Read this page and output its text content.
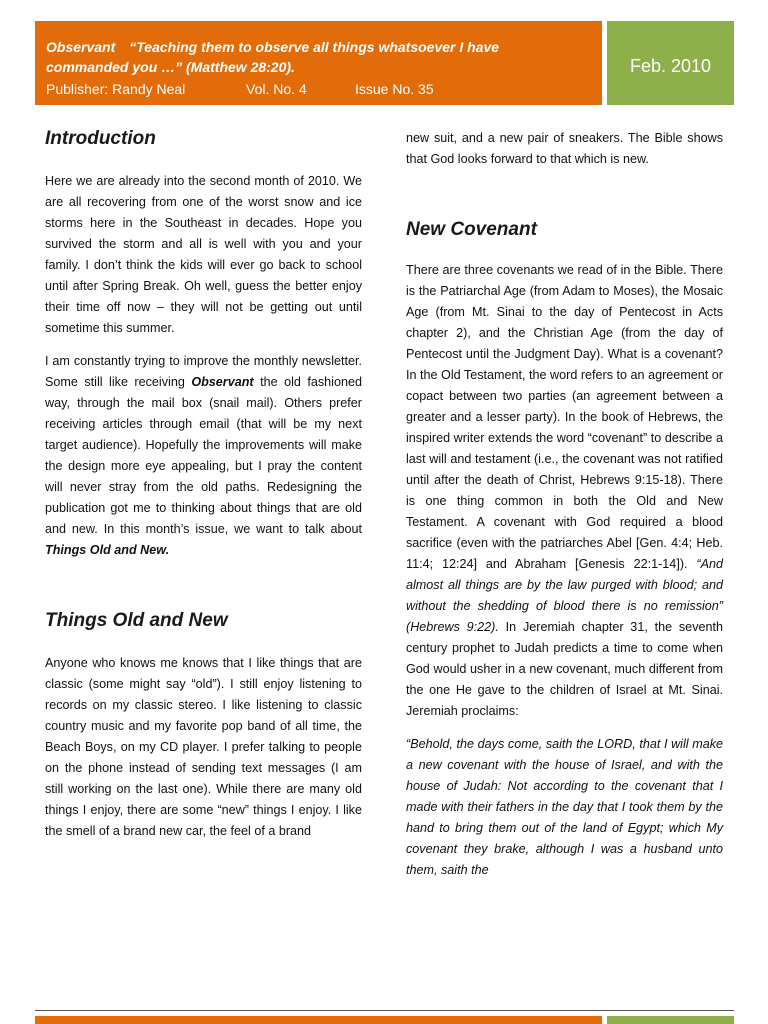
Observant “Teaching them to observe all things whatsoever I have
commanded you …” (Matthew 28:20).
Publisher: Randy Neal	Vol. No. 4	Issue No. 35
Feb. 2010
Introduction

Here we are already into the second month of 2010. We are all recovering from one of the worst snow and ice storms here in the Southeast in decades. Hope you survived the storm and all is well with you and your family. I don’t think the kids will ever go back to school until after Spring Break. Oh well, guess the better enjoy their time off now – they will not be getting out until sometime this summer.

I am constantly trying to improve the monthly newsletter. Some still like receiving Observant the old fashioned way, through the mail box (snail mail). Others prefer receiving articles through email (that will be my next target audience). Hopefully the improvements will make the design more eye appealing, but I pray the content will never stray from the old paths. Redesigning the publication got me to thinking about things that are old and new. In this month’s issue, we want to talk about Things Old and New.

Things Old and New

Anyone who knows me knows that I like things that are classic (some might say “old”). I still enjoy listening to records on my classic stereo. I like listening to classic country music and my favorite pop band of all time, the Beach Boys, on my CD player. I prefer talking to people on the phone instead of sending text messages (I am still working on the last one). While there are many old things I enjoy, there are some “new” things I enjoy. I like the smell of a brand new car, the feel of a brand

new suit, and a new pair of sneakers. The Bible shows that God looks forward to that which is new.

New Covenant

There are three covenants we read of in the Bible. There is the Patriarchal Age (from Adam to Moses), the Mosaic Age (from Mt. Sinai to the day of Pentecost in Acts chapter 2), and the Christian Age (from the day of Pentecost until the Judgment Day). What is a covenant? In the Old Testament, the word refers to an agreement or copact between two parties (an agreement between a greater and a lesser party). In the book of Hebrews, the inspired writer extends the word “covenant” to describe a last will and testament (i.e., the covenant was not ratified until after the death of Christ, Hebrews 9:15-18). There is one thing common in both the Old and New Testament. A covenant with God required a blood sacrifice (even with the patriarches Abel [Gen. 4:4; Heb. 11:4; 12:24] and Abraham [Genesis 22:1-14]). “And almost all things are by the law purged with blood; and without the shedding of blood there is no remission” (Hebrews 9:22). In Jeremiah chapter 31, the seventh century prophet to Judah predicts a time to come when God would usher in a new covenant, much different from the one He gave to the children of Israel at Mt. Sinai. Jeremiah proclaims:

“Behold, the days come, saith the LORD, that I will make a new covenant with the house of Israel, and with the house of Judah: Not according to the covenant that I made with their fathers in the day that I took them by the hand to bring them out of the land of Egypt; which My covenant they brake, although I was a husband unto them, saith the
